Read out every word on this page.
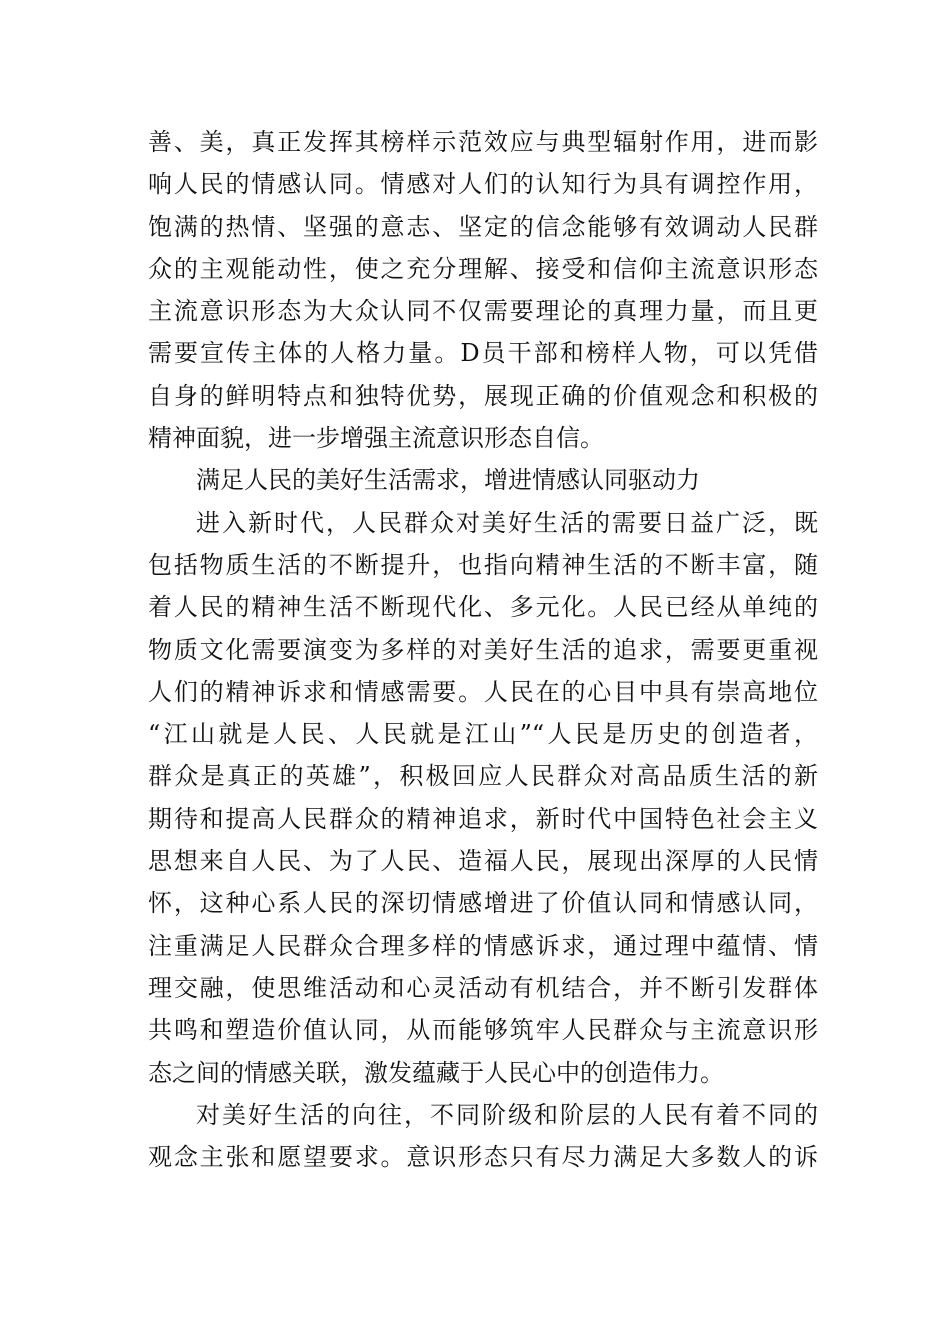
善、美，真正发挥其榜样示范效应与典型辐射作用，进而影
响人民的情感认同。情感对人们的认知行为具有调控作用，
饱满的热情、坚强的意志、坚定的信念能够有效调动人民群
众的主观能动性，使之充分理解、接受和信仰主流意识形态
主流意识形态为大众认同不仅需要理论的真理力量，而且更
需要宣传主体的人格力量。D员干部和榜样人物，可以凭借
自身的鲜明特点和独特优势，展现正确的价值观念和积极的
精神面貌，进一步增强主流意识形态自信。
满足人民的美好生活需求，增进情感认同驱动力
进入新时代，人民群众对美好生活的需要日益广泛，既
包括物质生活的不断提升，也指向精神生活的不断丰富，随
着人民的精神生活不断现代化、多元化。人民已经从单纯的
物质文化需要演变为多样的对美好生活的追求，需要更重视
人们的精神诉求和情感需要。人民在的心目中具有崇高地位
“江山就是人民、人民就是江山”“人民是历史的创造者，
群众是真正的英雄”，积极回应人民群众对高品质生活的新
期待和提高人民群众的精神追求，新时代中国特色社会主义
思想来自人民、为了人民、造福人民，展现出深厚的人民情
怀，这种心系人民的深切情感增进了价值认同和情感认同，
注重满足人民群众合理多样的情感诉求，通过理中蕴情、情
理交融，使思维活动和心灵活动有机结合，并不断引发群体
共鸣和塑造价值认同，从而能够筑牢人民群众与主流意识形
态之间的情感关联，激发蕴藏于人民心中的创造伟力。
对美好生活的向往，不同阶级和阶层的人民有着不同的
观念主张和愿望要求。意识形态只有尽力满足大多数人的诉
